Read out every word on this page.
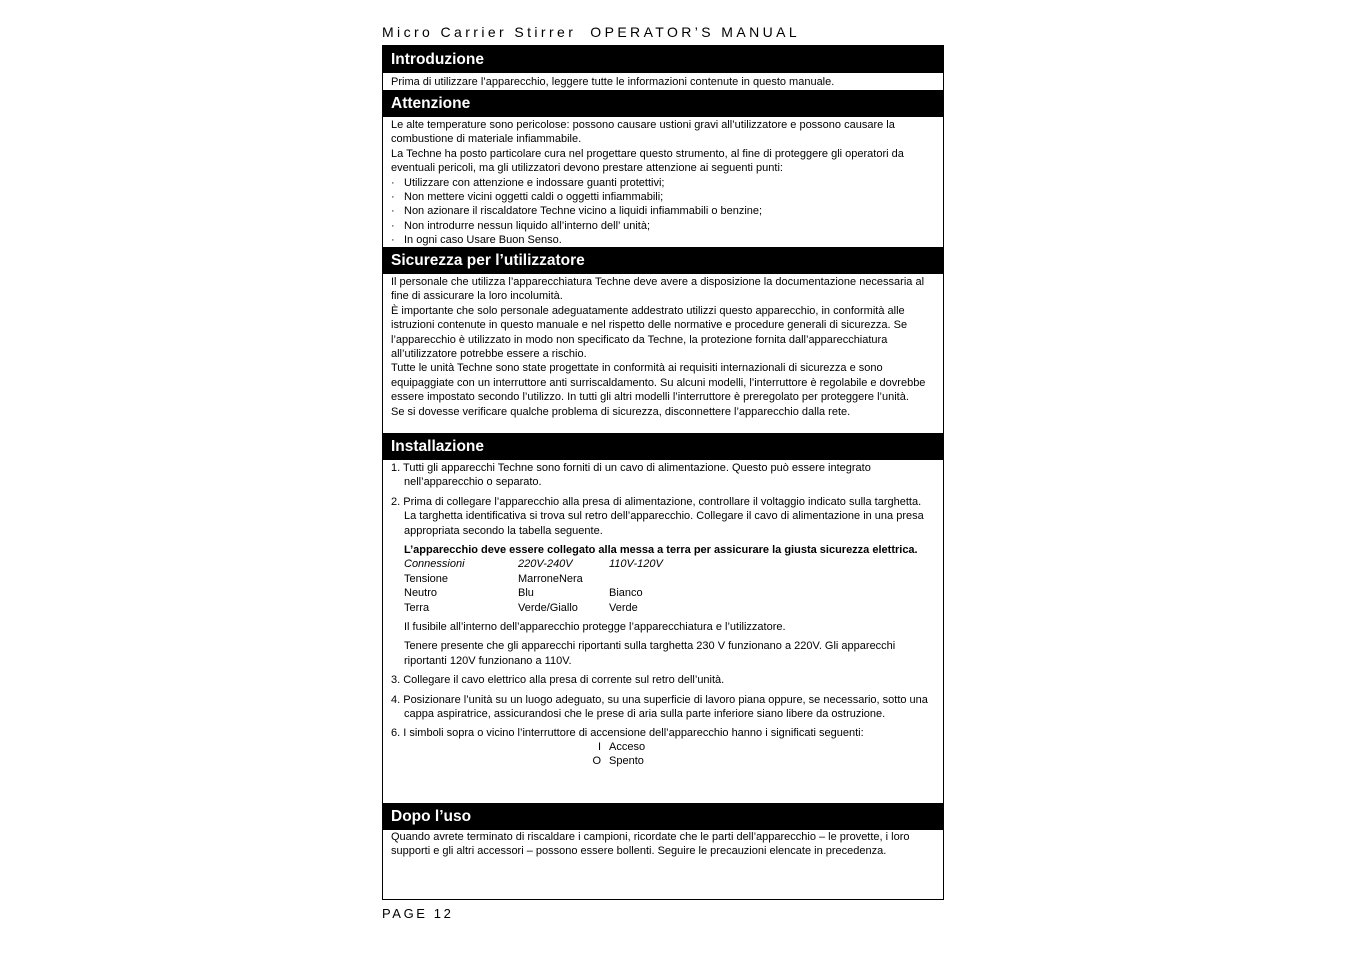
Micro Carrier Stirrer OPERATOR’S MANUAL
Introduzione

Prima di utilizzare l’apparecchio, leggere tutte le informazioni contenute in questo manuale.

Attenzione

Le alte temperature sono pericolose: possono causare ustioni gravi all’utilizzatore e possono causare la combustione di materiale infiammabile.

La Techne ha posto particolare cura nel progettare questo strumento, al fine di proteggere gli operatori da eventuali pericoli, ma gli utilizzatori devono prestare attenzione ai seguenti punti:

· Utilizzare con attenzione e indossare guanti protettivi;
· Non mettere vicini oggetti caldi o oggetti infiammabili;
· Non azionare il riscaldatore Techne vicino a liquidi infiammabili o benzine;
· Non introdurre nessun liquido all’interno dell’ unità;
· In ogni caso Usare Buon Senso.
Sicurezza per l’utilizzatore

Il personale che utilizza l’apparecchiatura Techne deve avere a disposizione la documentazione necessaria al fine di assicurare la loro incolumità.

È importante che solo personale adeguatamente addestrato utilizzi questo apparecchio, in conformità alle istruzioni contenute in questo manuale e nel rispetto delle normative e procedure generali di sicurezza. Se l’apparecchio è utilizzato in modo non specificato da Techne, la protezione fornita dall’apparecchiatura all’utilizzatore potrebbe essere a rischio.

Tutte le unità Techne sono state progettate in conformità ai requisiti internazionali di sicurezza e sono equipaggiate con un interruttore anti surriscaldamento. Su alcuni modelli, l’interruttore è regolabile e dovrebbe essere impostato secondo l’utilizzo. In tutti gli altri modelli l’interruttore è preregolato per proteggere l’unità.

Se si dovesse verificare qualche problema di sicurezza, disconnettere l’apparecchio dalla rete.

Installazione

1. Tutti gli apparecchi Techne sono forniti di un cavo di alimentazione. Questo può essere integrato nell’apparecchio o separato.

2. Prima di collegare l’apparecchio alla presa di alimentazione, controllare il voltaggio indicato sulla targhetta. La targhetta identificativa si trova sul retro dell’apparecchio. Collegare il cavo di alimentazione in una presa appropriata secondo la tabella seguente.

L’apparecchio deve essere collegato alla messa a terra per assicurare la giusta sicurezza elettrica.

Connessioni	220V-240V	110V-120V
Tensione	MarroneNera
Neutro	Blu	Bianco
Terra	Verde/Giallo	Verde

Il fusibile all’interno dell’apparecchio protegge l’apparecchiatura e l’utilizzatore.

Tenere presente che gli apparecchi riportanti sulla targhetta 230 V funzionano a 220V. Gli apparecchi riportanti 120V funzionano a 110V.

3. Collegare il cavo elettrico alla presa di corrente sul retro dell’unità.

4. Posizionare l’unità su un luogo adeguato, su una superficie di lavoro piana oppure, se necessario, sotto una cappa aspiratrice, assicurandosi che le prese di aria sulla parte inferiore siano libere da ostruzione.

6. I simboli sopra o vicino l’interruttore di accensione dell’apparecchio hanno i significati seguenti:

I Acceso
O Spento
Dopo l’uso

Quando avrete terminato di riscaldare i campioni, ricordate che le parti dell’apparecchio – le provette, i loro supporti e gli altri accessori – possono essere bollenti. Seguire le precauzioni elencate in precedenza.

PAGE 12
